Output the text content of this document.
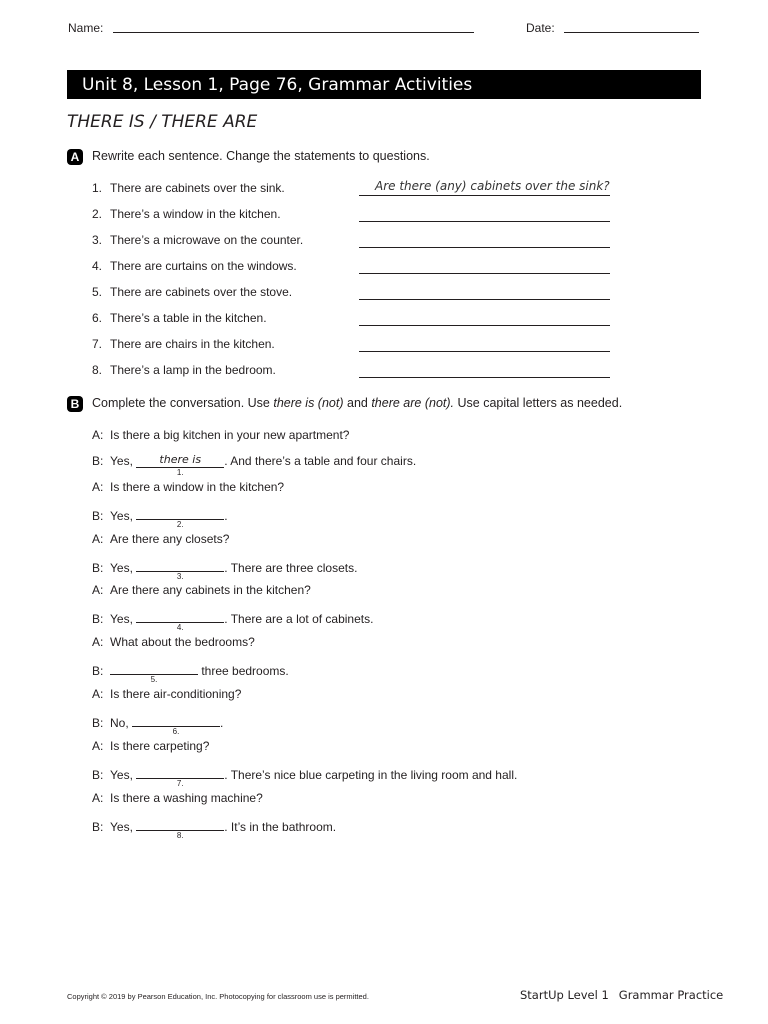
Name:	Date:
Unit 8, Lesson 1, Page 76, Grammar Activities
THERE IS / THERE ARE
A Rewrite each sentence. Change the statements to questions.
1. There are cabinets over the sink.
2. There’s a window in the kitchen.
3. There’s a microwave on the counter.
4. There are curtains on the windows.
5. There are cabinets over the stove.
6. There’s a table in the kitchen.
7. There are chairs in the kitchen.
8. There’s a lamp in the bedroom.
Are there (any) cabinets over the sink?
B Complete the conversation. Use there is (not) and there are (not). Use capital letters as needed.
A: Is there a big kitchen in your new apartment?
B: Yes, there is
1.
. And there’s a table and four chairs.
A: Is there a window in the kitchen?
B: Yes,
2.
.
A: Are there any closets?
B: Yes,
3.
. There are three closets.
A: Are there any cabinets in the kitchen?
B: Yes,
4.
. There are a lot of cabinets.
A: What about the bedrooms?
B:
5.
three bedrooms.
A: Is there air-conditioning?
B: No,
6.
.
A: Is there carpeting?
B: Yes,
7.
. There’s nice blue carpeting in the living room and hall.
A: Is there a washing machine?
B: Yes,
8.
. It’s in the bathroom.
Copyright © 2019 by Pearson Education, Inc. Photocopying for classroom use is permitted.	StartUp Level 1 Grammar Practice
